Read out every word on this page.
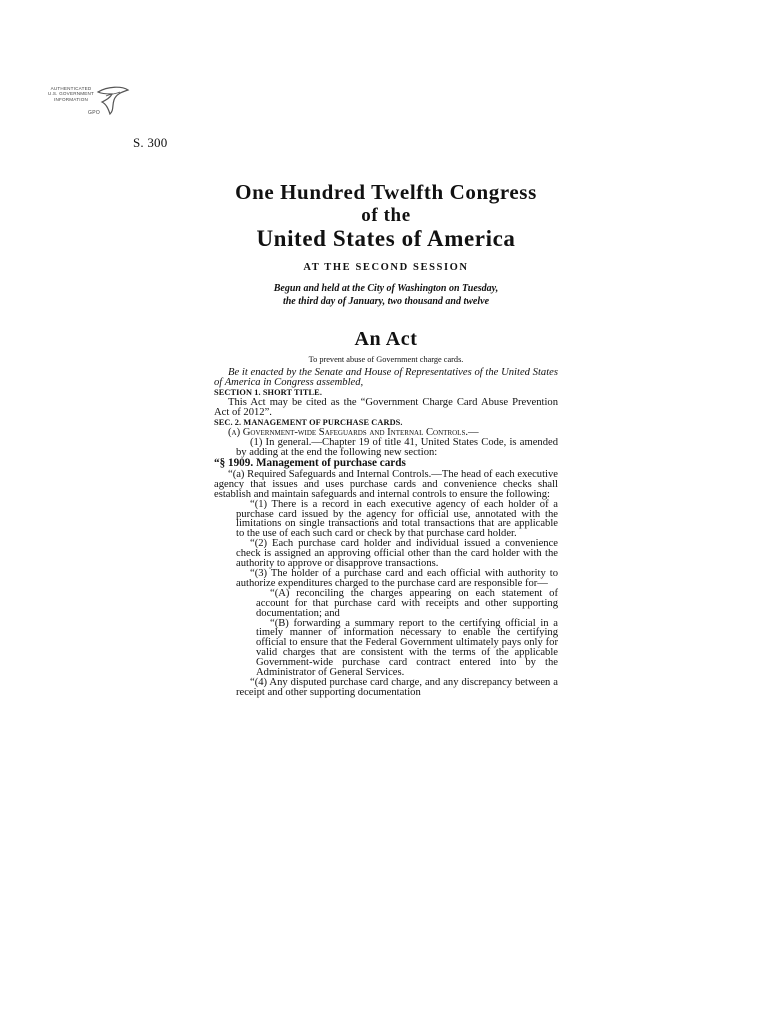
AUTHENTICATED
U.S. GOVERNMENT
INFORMATION
GPO
S. 300
One Hundred Twelfth Congress
of the
United States of America
AT THE SECOND SESSION
Begun and held at the City of Washington on Tuesday,
the third day of January, two thousand and twelve
An Act
To prevent abuse of Government charge cards.

Be it enacted by the Senate and House of Representatives of the United States of America in Congress assembled,

SECTION 1. SHORT TITLE.

This Act may be cited as the “Government Charge Card Abuse Prevention Act of 2012”.

SEC. 2. MANAGEMENT OF PURCHASE CARDS.

(a) Government-wide Safeguards and Internal Controls.—

(1) In general.—Chapter 19 of title 41, United States Code, is amended by adding at the end the following new section:

“§ 1909. Management of purchase cards

“(a) Required Safeguards and Internal Controls.—The head of each executive agency that issues and uses purchase cards and convenience checks shall establish and maintain safeguards and internal controls to ensure the following:

“(1) There is a record in each executive agency of each holder of a purchase card issued by the agency for official use, annotated with the limitations on single transactions and total transactions that are applicable to the use of each such card or check by that purchase card holder.

“(2) Each purchase card holder and individual issued a convenience check is assigned an approving official other than the card holder with the authority to approve or disapprove transactions.

“(3) The holder of a purchase card and each official with authority to authorize expenditures charged to the purchase card are responsible for—

“(A) reconciling the charges appearing on each statement of account for that purchase card with receipts and other supporting documentation; and

“(B) forwarding a summary report to the certifying official in a timely manner of information necessary to enable the certifying official to ensure that the Federal Government ultimately pays only for valid charges that are consistent with the terms of the applicable Government-wide purchase card contract entered into by the Administrator of General Services.

“(4) Any disputed purchase card charge, and any discrepancy between a receipt and other supporting documentation
